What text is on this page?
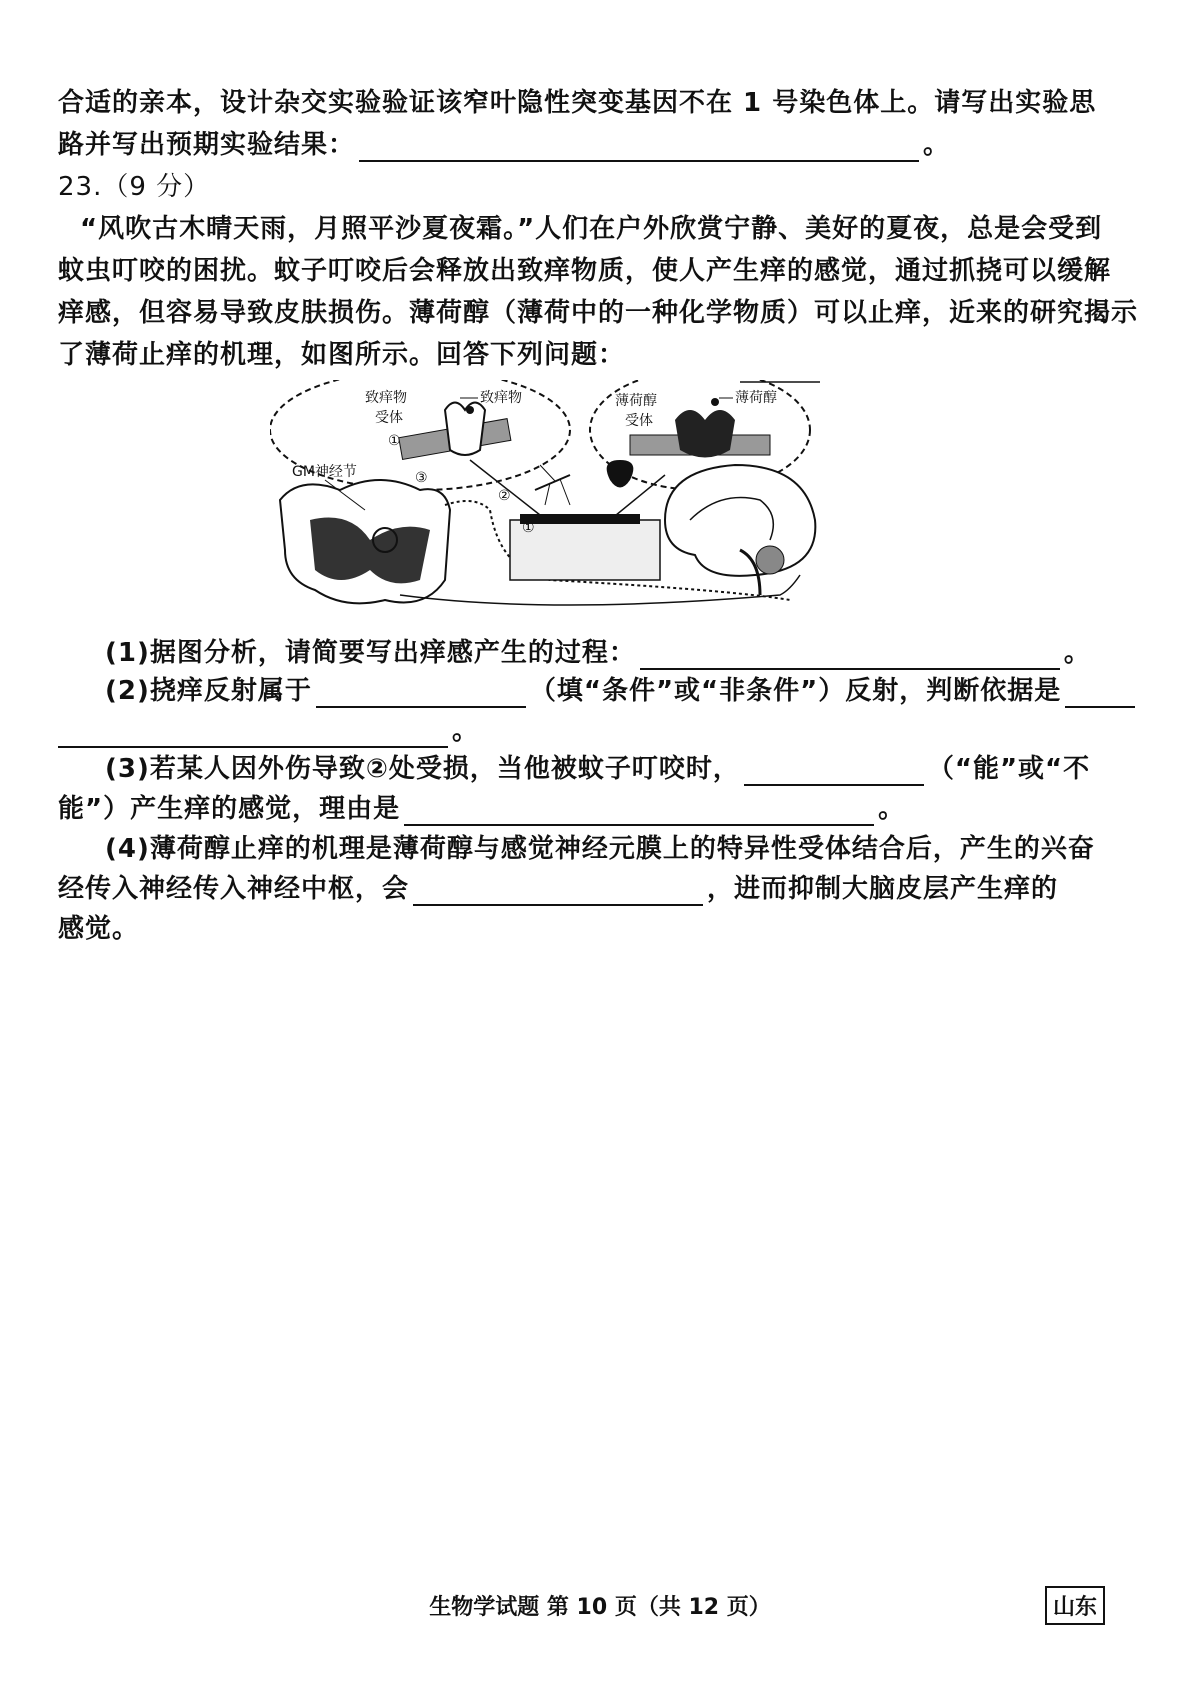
合适的亲本，设计杂交实验验证该窄叶隐性突变基因不在 1 号染色体上。请写出实验思
路并写出预期实验结果：	。
23.（9 分）
“风吹古木晴天雨，月照平沙夏夜霜。”人们在户外欣赏宁静、美好的夏夜，总是会受到
蚊虫叮咬的困扰。蚊子叮咬后会释放出致痒物质，使人产生痒的感觉，通过抓挠可以缓解
痒感，但容易导致皮肤损伤。薄荷醇（薄荷中的一种化学物质）可以止痒，近来的研究揭示
了薄荷止痒的机理，如图所示。回答下列问题：
致痒物
受体
致痒物
①
薄荷醇
受体
薄荷醇
GM神经节	③
②
①
(1)据图分析，请简要写出痒感产生的过程：	。
(2)挠痒反射属于	（填“条件”或“非条件”）反射，判断依据是
。
(3)若某人因外伤导致②处受损，当他被蚊子叮咬时，	（“能”或“不
能”）产生痒的感觉，理由是	。
(4)薄荷醇止痒的机理是薄荷醇与感觉神经元膜上的特异性受体结合后，产生的兴奋
经传入神经传入神经中枢，会	，进而抑制大脑皮层产生痒的
感觉。
生物学试题 第 10 页（共 12 页）	山东
